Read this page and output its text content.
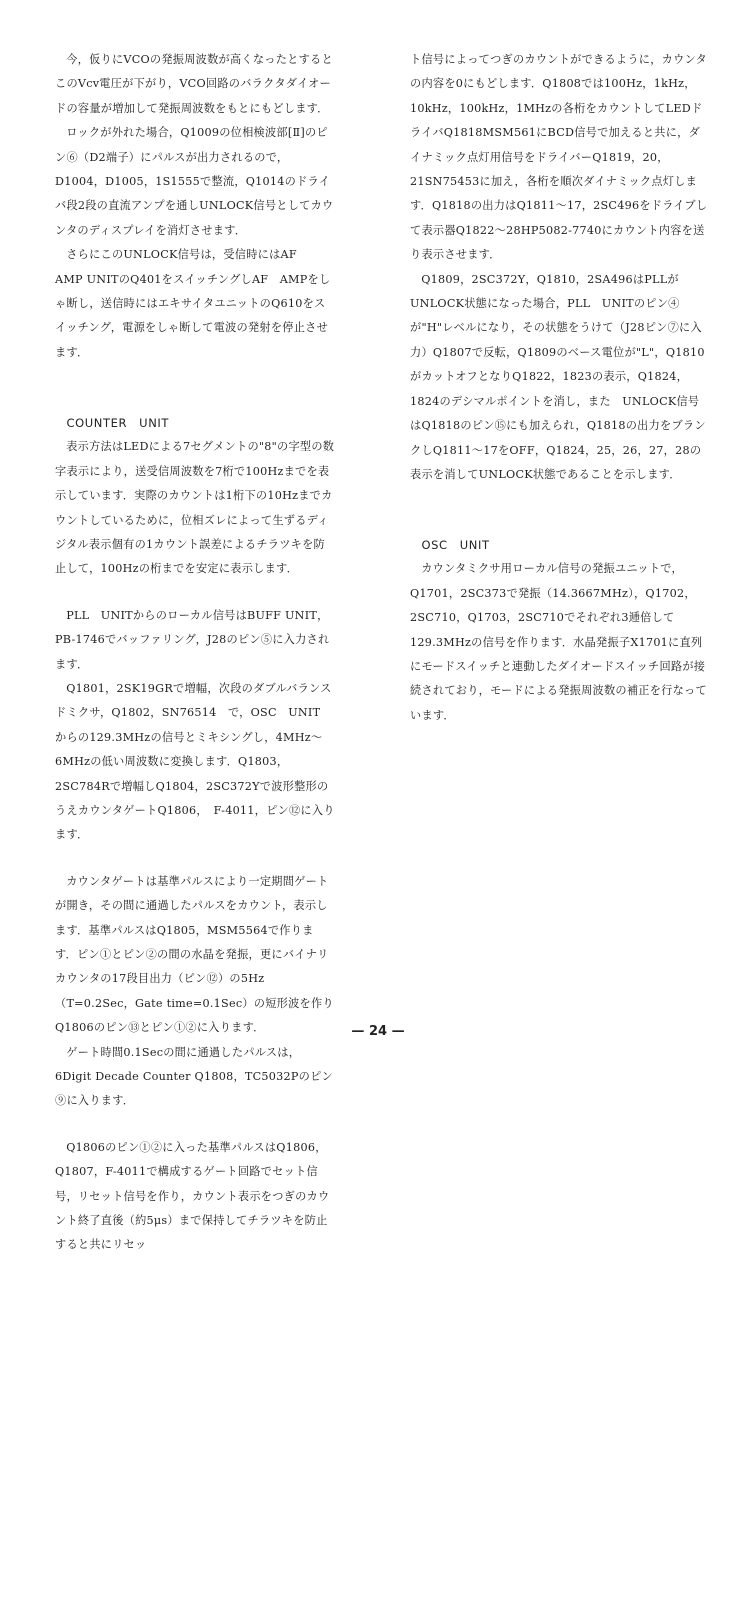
今，仮りにVCOの発振周波数が高くなったとするとこのVcv電圧が下がり，VCO回路のバラクタダイオードの容量が増加して発振周波数をもとにもどします．

ロックが外れた場合，Q1009の位相検波部[Ⅱ]のピン⑥（D2端子）にパルスが出力されるので，D1004，D1005，1S1555で整流，Q1014のドライバ段2段の直流アンプを通しUNLOCK信号としてカウンタのディスプレイを消灯させます．

さらにこのUNLOCK信号は，受信時にはAF　AMP UNITのQ401をスイッチングしAF　AMPをしゃ断し，送信時にはエキサイタユニットのQ610をスイッチング，電源をしゃ断して電波の発射を停止させます．

COUNTER　UNIT

表示方法はLEDによる7セグメントの"8"の字型の数字表示により，送受信周波数を7桁で100Hzまでを表示しています．実際のカウントは1桁下の10Hzまでカウントしているために，位相ズレによって生ずるディジタル表示個有の1カウント誤差によるチラツキを防止して，100Hzの桁までを安定に表示します．

PLL　UNITからのローカル信号はBUFF UNIT，PB-1746でバッファリング，J28のピン⑤に入力されます．

Q1801，2SK19GRで増幅，次段のダブルバランスドミクサ，Q1802，SN76514　で，OSC　UNIT　からの129.3MHzの信号とミキシングし，4MHz～6MHzの低い周波数に変換します．Q1803，2SC784Rで増幅しQ1804，2SC372Yで波形整形のうえカウンタゲートQ1806，　F-4011，ピン⑫に入ります．

カウンタゲートは基準パルスにより一定期間ゲートが開き，その間に通過したパルスをカウント，表示します．基準パルスはQ1805，MSM5564で作ります．ピン①とピン②の間の水晶を発振，更にバイナリカウンタの17段目出力（ピン⑫）の5Hz（T=0.2Sec，Gate time=0.1Sec）の短形波を作りQ1806のピン⑬とピン①②に入ります．

ゲート時間0.1Secの間に通過したパルスは，6Digit Decade Counter Q1808，TC5032Pのピン⑨に入ります．

Q1806のピン①②に入った基準パルスはQ1806，Q1807，F-4011で構成するゲート回路でセット信号，リセット信号を作り，カウント表示をつぎのカウント終了直後（約5μs）まで保持してチラツキを防止すると共にリセッ

ト信号によってつぎのカウントができるように，カウンタの内容を0にもどします．Q1808では100Hz，1kHz，10kHz，100kHz，1MHzの各桁をカウントしてLEDドライバQ1818MSM561にBCD信号で加えると共に，ダイナミック点灯用信号をドライバーQ1819，20，21SN75453に加え，各桁を順次ダイナミック点灯します．Q1818の出力はQ1811～17，2SC496をドライブして表示器Q1822～28HP5082-7740にカウント内容を送り表示させます．

Q1809，2SC372Y，Q1810，2SA496はPLLがUNLOCK状態になった場合，PLL　UNITのピン④が"H"レベルになり，その状態をうけて（J28ピン⑦に入力）Q1807で反転，Q1809のベース電位が"L"，Q1810がカットオフとなりQ1822，1823の表示，Q1824，1824のデシマルポイントを消し，また　UNLOCK信号はQ1818のピン⑮にも加えられ，Q1818の出力をブランクしQ1811～17をOFF，Q1824，25，26，27，28の表示を消してUNLOCK状態であることを示します．

OSC　UNIT

カウンタミクサ用ローカル信号の発振ユニットで，Q1701，2SC373で発振（14.3667MHz），Q1702，2SC710，Q1703，2SC710でそれぞれ3逓倍して129.3MHzの信号を作ります．水晶発振子X1701に直列にモードスイッチと連動したダイオードスイッチ回路が接続されており，モードによる発振周波数の補正を行なっています．

— 24 —
